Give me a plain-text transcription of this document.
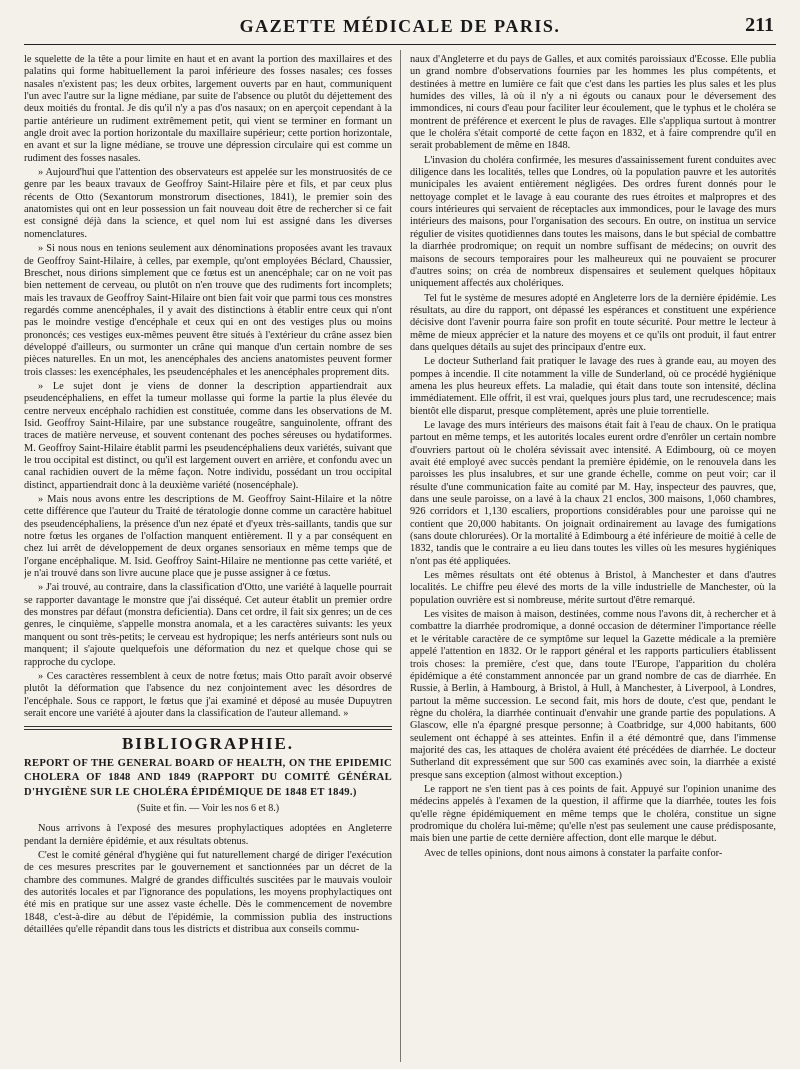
GAZETTE MÉDICALE DE PARIS.	211

le squelette de la tête a pour limite en haut et en avant la portion des maxillaires et des palatins qui forme habituellement la paroi inférieure des fosses nasales; ces fosses nasales n'existent pas; les deux orbites, largement ouverts par en haut, communiquent l'un avec l'autre sur la ligne médiane, par suite de l'absence ou plutôt du déjettement des deux moitiés du frontal. Je dis qu'il n'y a pas d'os nasaux; on en aperçoit cependant à la partie antérieure un rudiment extrêmement petit, qui vient se terminer en formant un angle droit avec la portion horizontale du maxillaire supérieur; cette portion horizontale, en avant et sur la ligne médiane, se trouve une dépression circulaire qui est comme un rudiment des fosses nasales.

» Aujourd'hui que l'attention des observateurs est appelée sur les monstruosités de ce genre par les beaux travaux de Geoffroy Saint-Hilaire père et fils, et par ceux plus récents de Otto (Sexantorum monstrorum disectiones, 1841), le premier soin des anatomistes qui ont en leur possession un fait nouveau doit être de rechercher si ce fait est consigné déjà dans la science, et quel nom lui est assigné dans les diverses nomenclatures.

» Si nous nous en tenions seulement aux dénominations proposées avant les travaux de Geoffroy Saint-Hilaire, à celles, par exemple, qu'ont employées Béclard, Chaussier, Breschet, nous dirions simplement que ce fœtus est un anencéphale; car on ne voit pas bien nettement de cerveau, ou plutôt on n'en trouve que des rudiments fort incomplets; mais les travaux de Geoffroy Saint-Hilaire ont bien fait voir que parmi tous ces monstres regardés comme anencéphales, il y avait des distinctions à établir entre ceux qui n'ont pas le moindre vestige d'encéphale et ceux qui en ont des vestiges plus ou moins prononcés; ces vestiges eux-mêmes peuvent être situés à l'extérieur du crâne assez bien développé d'ailleurs, ou surmonter un crâne qui manque d'un certain nombre de ses pièces naturelles. En un mot, les anencéphales des anciens anatomistes peuvent former trois classes: les exencéphales, les pseudencéphales et les anencéphales proprement dits.

» Le sujet dont je viens de donner la description appartiendrait aux pseudencéphaliens, en effet la tumeur mollasse qui forme la partie la plus élevée du centre nerveux encéphalo rachidien est constituée, comme dans les observations de M. Isid. Geoffroy Saint-Hilaire, par une substance rougeâtre, sanguinolente, offrant des traces de matière nerveuse, et souvent contenant des poches séreuses ou hydatiformes. M. Geoffroy Saint-Hilaire établit parmi les pseudencéphaliens deux variétés, suivant que le trou occipital est distinct, ou qu'il est largement ouvert en arrière, et confondu avec un canal rachidien ouvert de la même façon. Notre individu, possédant un trou occipital distinct, appartiendrait donc à la deuxième variété (nosencéphale).

» Mais nous avons entre les descriptions de M. Geoffroy Saint-Hilaire et la nôtre cette différence que l'auteur du Traité de tératologie donne comme un caractère habituel des pseudencéphaliens, la présence d'un nez épaté et d'yeux très-saillants, tandis que sur notre fœtus les organes de l'olfaction manquent entièrement. Il y a par conséquent en chez lui arrêt de développement de deux organes sensoriaux en même temps que de l'organe encéphalique. M. Isid. Geoffroy Saint-Hilaire ne mentionne pas cette variété, et je n'ai trouvé dans son livre aucune place que je pusse assigner à ce fœtus.

» J'ai trouvé, au contraire, dans la classification d'Otto, une variété à laquelle pourrait se rapporter davantage le monstre que j'ai disséqué. Cet auteur établit un premier ordre des monstres par défaut (monstra deficientia). Dans cet ordre, il fait six genres; un de ces genres, le cinquième, s'appelle monstra anomala, et a les caractères suivants: les yeux manquent ou sont très-petits; le cerveau est hydropique; les nerfs antérieurs sont nuls ou manquent; il s'ajoute quelquefois une déformation du nez et quelque chose qui se rapproche du cyclope.

» Ces caractères ressemblent à ceux de notre fœtus; mais Otto paraît avoir observé plutôt la déformation que l'absence du nez conjointement avec les désordres de l'encéphale. Sous ce rapport, le fœtus que j'ai examiné et déposé au musée Dupuytren serait encore une variété à ajouter dans la classification de l'auteur allemand. »

BIBLIOGRAPHIE.

REPORT OF THE GENERAL BOARD OF HEALTH, ON THE EPIDEMIC CHOLERA OF 1848 AND 1849 (RAPPORT DU COMITÉ GÉNÉRAL D'HYGIÈNE SUR LE CHOLÉRA ÉPIDÉMIQUE DE 1848 ET 1849.)

(Suite et fin. — Voir les nos 6 et 8.)

Nous arrivons à l'exposé des mesures prophylactiques adoptées en Angleterre pendant la dernière épidémie, et aux résultats obtenus.

C'est le comité général d'hygiène qui fut naturellement chargé de diriger l'exécution de ces mesures prescrites par le gouvernement et sanctionnées par un décret de la chambre des communes. Malgré de grandes difficultés suscitées par le mauvais vouloir des autorités locales et par l'ignorance des populations, les moyens prophylactiques ont été mis en pratique sur une assez vaste échelle. Dès le commencement de novembre 1848, c'est-à-dire au début de l'épidémie, la commission publia des instructions détaillées qu'elle répandit dans tous les districts et distribua aux conseils commu-

naux d'Angleterre et du pays de Galles, et aux comités paroissiaux d'Écosse. Elle publia un grand nombre d'observations fournies par les hommes les plus compétents, et destinées à mettre en lumière ce fait que c'est dans les parties les plus sales et les plus humides des villes, là où il n'y a ni égouts ou canaux pour le déversement des immondices, ni cours d'eau pour faciliter leur écoulement, que le typhus et le choléra se montrent de préférence et exercent le plus de ravages. Elle s'appliqua surtout à montrer que le choléra s'était comporté de cette façon en 1832, et à faire comprendre qu'il en serait probablement de même en 1848.

L'invasion du choléra confirmée, les mesures d'assainissement furent conduites avec diligence dans les localités, telles que Londres, où la population pauvre et les autorités municipales les avaient entièrement négligées. Des ordres furent donnés pour le nettoyage complet et le lavage à eau courante des rues étroites et malpropres et des cours intérieures qui servaient de réceptacles aux immondices, pour le lavage des murs intérieurs des maisons, pour l'organisation des secours. En outre, on institua un service régulier de visites quotidiennes dans toutes les maisons, dans le but spécial de combattre la diarrhée prodromique; on requit un nombre suffisant de médecins; on ouvrit des maisons de secours temporaires pour les malheureux qui ne pouvaient se procurer d'autres soins; on créa de nombreux dispensaires et seulement quelques hôpitaux uniquement affectés aux cholériques.

Tel fut le système de mesures adopté en Angleterre lors de la dernière épidémie. Les résultats, au dire du rapport, ont dépassé les espérances et constituent une expérience décisive dont l'avenir pourra faire son profit en toute sécurité. Pour mettre le lecteur à même de mieux apprécier et la nature des moyens et ce qu'ils ont produit, il faut entrer dans quelques détails au sujet des principaux d'entre eux.

Le docteur Sutherland fait pratiquer le lavage des rues à grande eau, au moyen des pompes à incendie. Il cite notamment la ville de Sunderland, où ce procédé hygiénique amena les plus heureux effets. La maladie, qui était dans toute son intensité, déclina immédiatement. Elle offrit, il est vrai, quelques jours plus tard, une recrudescence; mais bientôt elle disparut, presque complètement, après une pluie torrentielle.

Le lavage des murs intérieurs des maisons était fait à l'eau de chaux. On le pratiqua partout en même temps, et les autorités locales eurent ordre d'enrôler un certain nombre d'ouvriers partout où le choléra sévissait avec intensité. A Edimbourg, où ce moyen avait été employé avec succès pendant la première épidémie, on le renouvela dans les paroisses les plus insalubres, et sur une grande échelle, comme on peut voir; car il résulte d'une communication faite au comité par M. Hay, inspecteur des pauvres, que, dans une seule paroisse, on a lavé à la chaux 21 enclos, 300 maisons, 1,060 chambres, 926 corridors et 1,130 escaliers, proportions considérables pour une paroisse qui ne contient que 20,000 habitants. On joignait ordinairement au lavage des fumigations (sans doute chlorurées). Or la mortalité à Edimbourg a été inférieure de moitié à celle de 1832, tandis que le contraire a eu lieu dans toutes les villes où les mesures hygiéniques n'ont pas été appliquées.

Les mêmes résultats ont été obtenus à Bristol, à Manchester et dans d'autres localités. Le chiffre peu élevé des morts de la ville industrielle de Manchester, où la population ouvrière est si nombreuse, mérite surtout d'être remarqué.

Les visites de maison à maison, destinées, comme nous l'avons dit, à rechercher et à combattre la diarrhée prodromique, a donné occasion de déterminer l'importance réelle et le véritable caractère de ce symptôme sur lequel la Gazette médicale a la première appelé l'attention en 1832. Or le rapport général et les rapports particuliers établissent trois choses: la première, c'est que, dans toute l'Europe, l'apparition du choléra épidémique a été constamment annoncée par un grand nombre de cas de diarrhée. En Russie, à Berlin, à Hambourg, à Bristol, à Hull, à Manchester, à Liverpool, à Londres, partout la même succession. Le second fait, mis hors de doute, c'est que, pendant le règne du choléra, la diarrhée continuait d'envahir une grande partie des populations. A Glascow, elle n'a épargné presque personne; à Coatbridge, sur 4,000 habitants, 600 seulement ont échappé à ses atteintes. Enfin il a été démontré que, dans l'immense majorité des cas, les attaques de choléra avaient été précédées de diarrhée. Le docteur Sutherland dit expressément que sur 500 cas examinés avec soin, la diarrhée a existé presque sans exception (almost without exception.)

Le rapport ne s'en tient pas à ces points de fait. Appuyé sur l'opinion unanime des médecins appelés à l'examen de la question, il affirme que la diarrhée, toutes les fois qu'elle règne épidémiquement en même temps que le choléra, constitue un signe prodromique du choléra lui-même; qu'elle n'est pas seulement une cause prédisposante, mais bien une partie de cette dernière affection, dont elle marque le début.

Avec de telles opinions, dont nous aimons à constater la parfaite confor-
